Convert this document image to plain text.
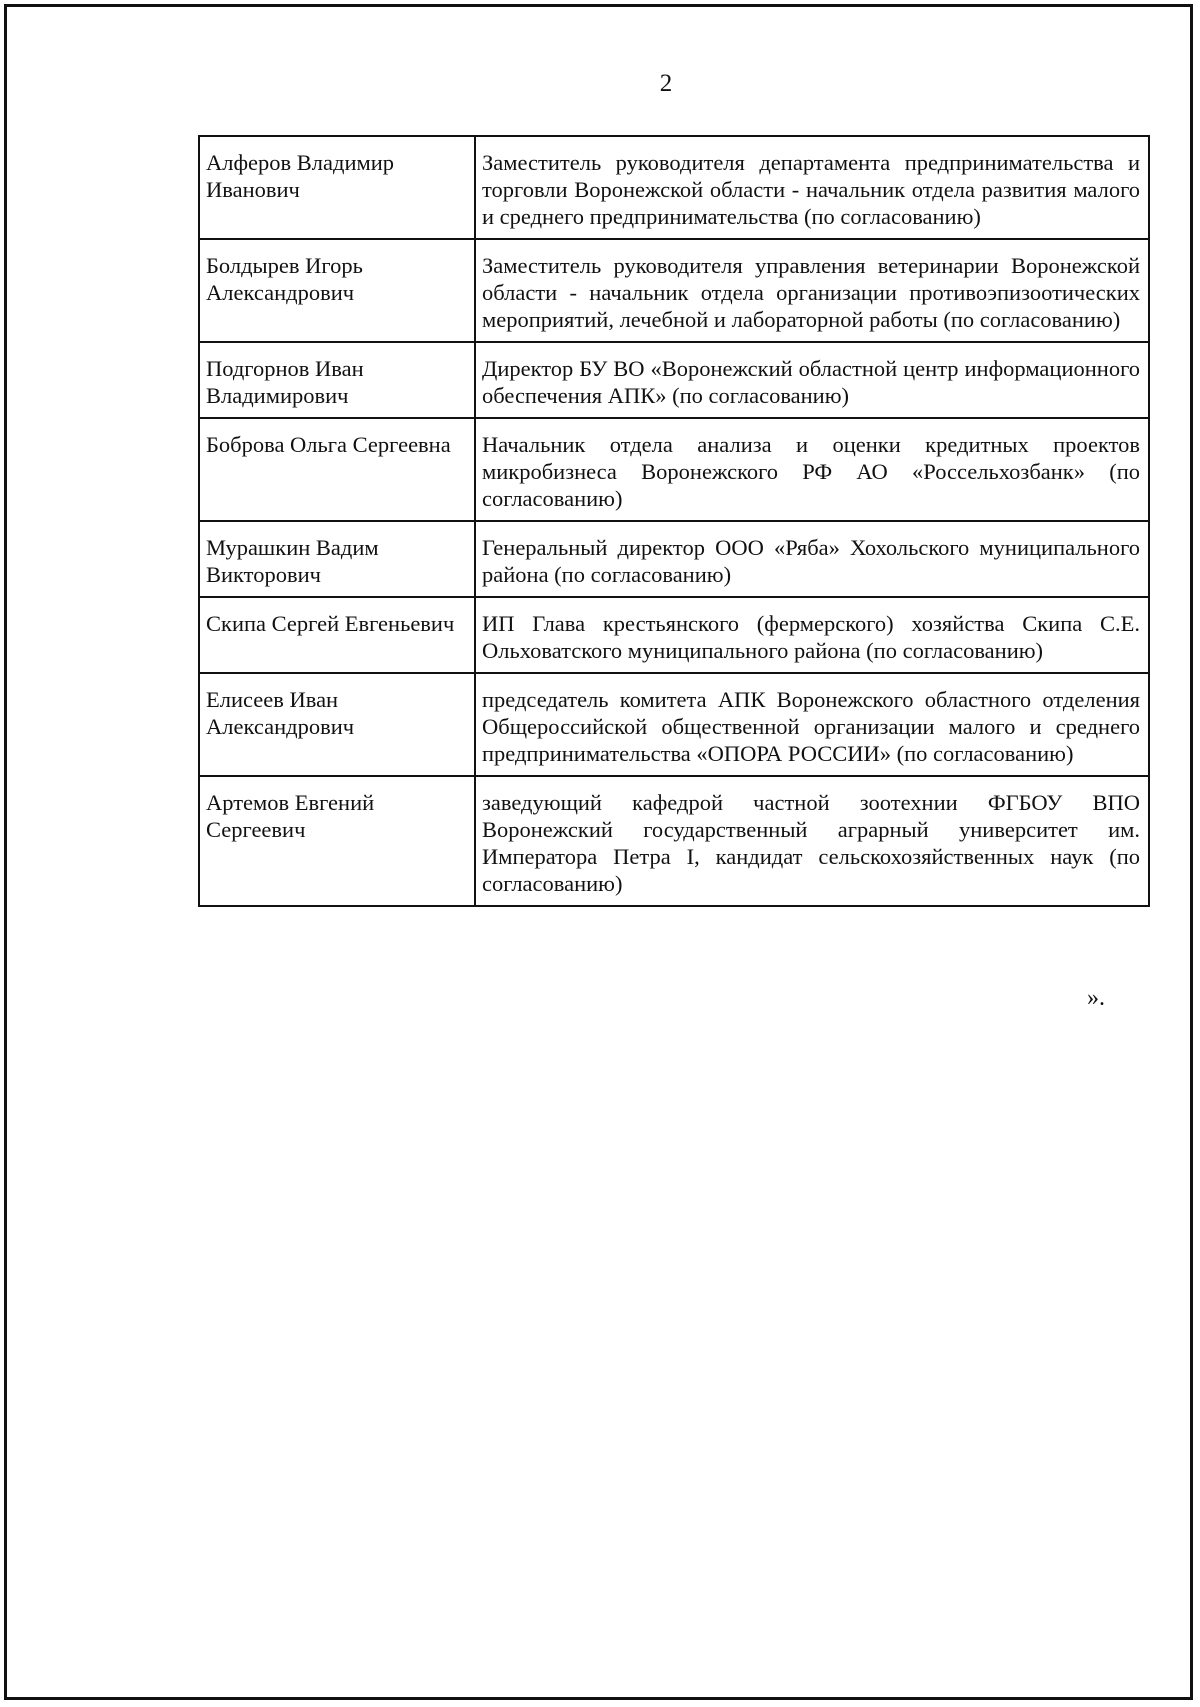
2
Алферов Владимир Иванович	Заместитель руководителя департамента предпринимательства и торговли Воронежской области - начальник отдела развития малого и среднего предпринимательства (по согласованию)
Болдырев Игорь Александрович	Заместитель руководителя управления ветеринарии Воронежской области - начальник отдела организации противоэпизоотических мероприятий, лечебной и лабораторной работы (по согласованию)
Подгорнов Иван Владимирович	Директор БУ ВО «Воронежский областной центр информационного обеспечения АПК» (по согласованию)
Боброва Ольга Сергеевна	Начальник отдела анализа и оценки кредитных проектов микробизнеса Воронежского РФ АО «Россельхозбанк» (по согласованию)
Мурашкин Вадим Викторович	Генеральный директор ООО «Ряба» Хохольского муниципального района (по согласованию)
Скипа Сергей Евгеньевич	ИП Глава крестьянского (фермерского) хозяйства Скипа С.Е. Ольховатского муниципального района (по согласованию)
Елисеев Иван Александрович	председатель комитета АПК Воронежского областного отделения Общероссийской общественной организации малого и среднего предпринимательства «ОПОРА РОССИИ» (по согласованию)
Артемов Евгений Сергеевич	заведующий кафедрой частной зоотехнии ФГБОУ ВПО Воронежский государственный аграрный университет им. Императора Петра I, кандидат сельскохозяйственных наук (по согласованию)
».
